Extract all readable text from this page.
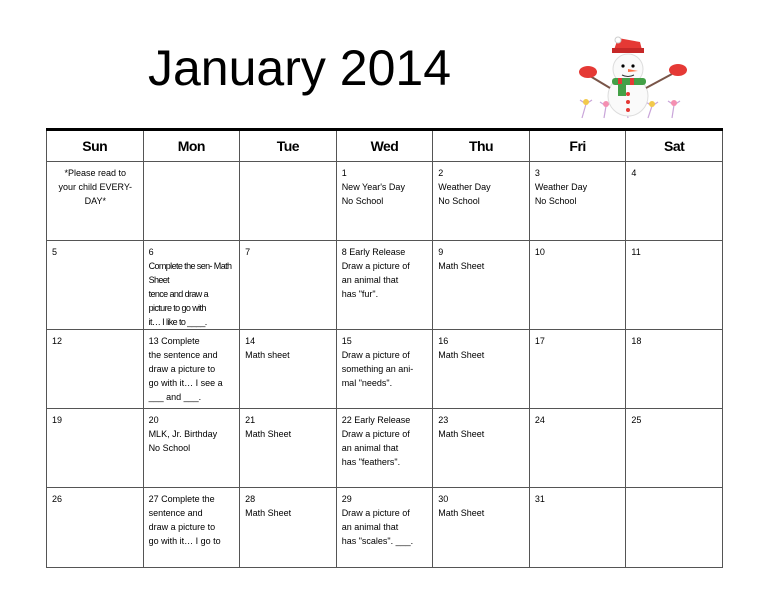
January 2014
Sun	Mon	Tue	Wed	Thu	Fri	Sat

*Please read to
your child EVERY-
DAY*			1
New Year's Day
No School	2
Weather Day
No School	3
Weather Day
No School	4
5	6
Complete the sen- Math Sheet
tence and draw a
picture to go with
it… I like to ____.	7	8 Early Release
Draw a picture of
an animal that
has "fur".	9
Math Sheet	10	11
12	13 Complete
the sentence and
draw a picture to
go with it… I see a
___ and ___.	14
Math sheet	15
Draw a picture of
something an ani-
mal "needs".	16
Math Sheet	17	18
19	20
MLK, Jr. Birthday
No School	21
Math Sheet	22 Early Release
Draw a picture of
an animal that
has "feathers".	23
Math Sheet	24	25
26	27 Complete the
sentence and
draw a picture to
go with it… I go to	28
Math Sheet	29
Draw a picture of
an animal that
has "scales". ___.	30
Math Sheet	31	
